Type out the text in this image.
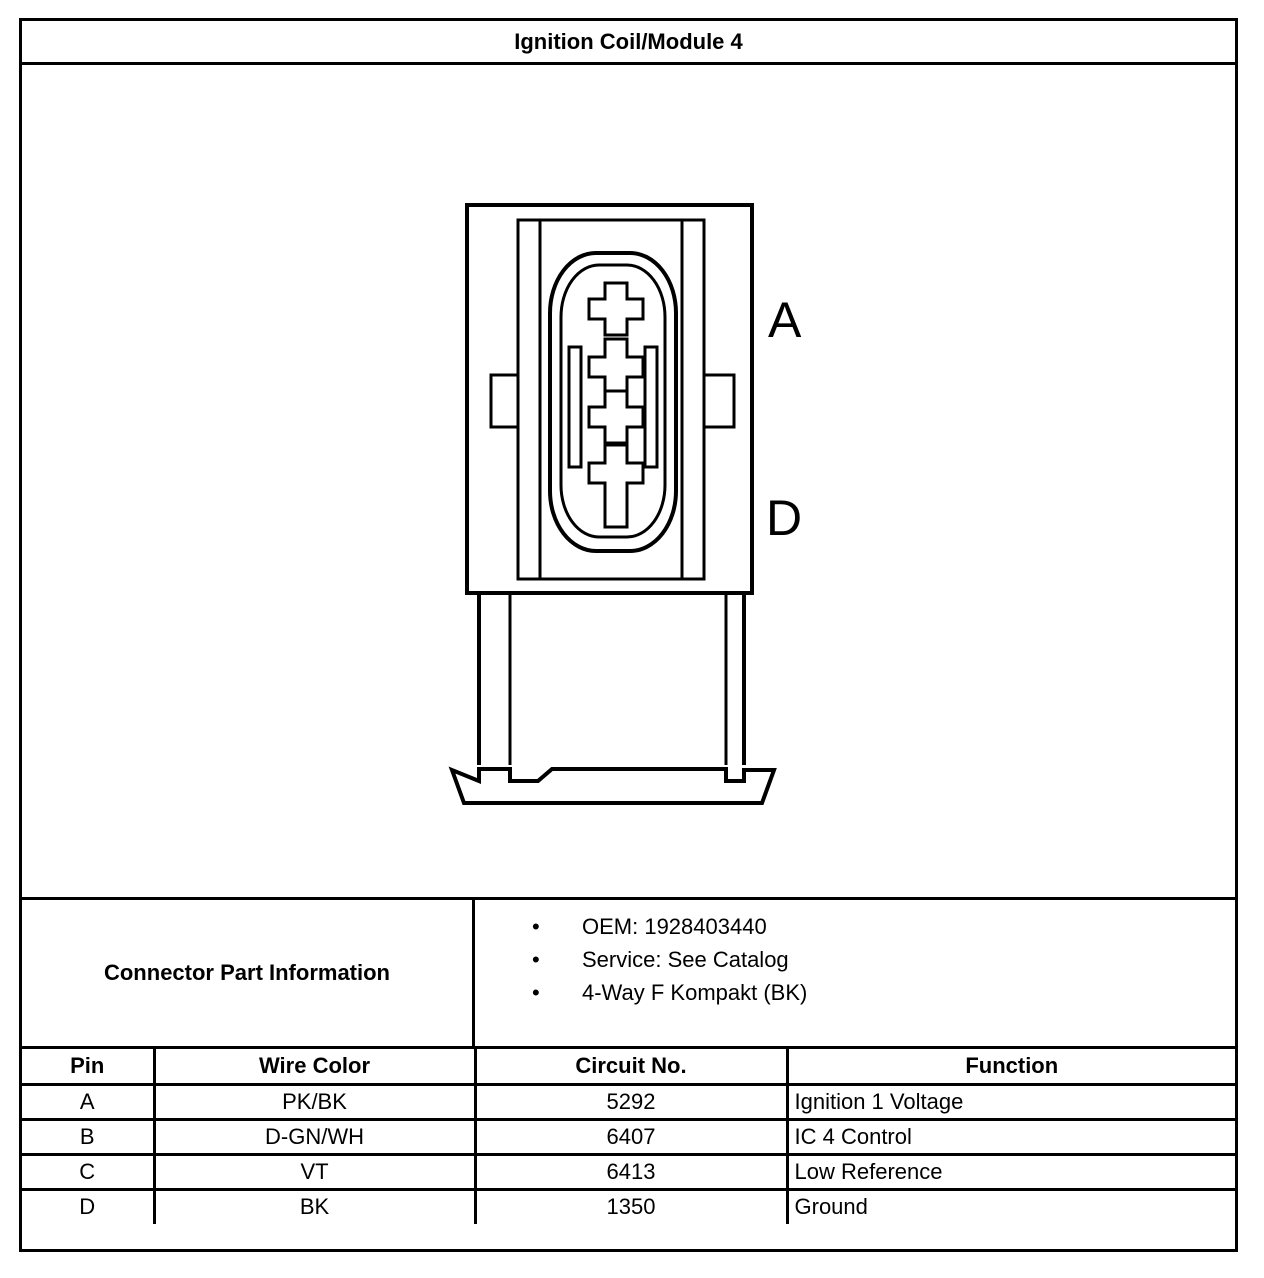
Ignition Coil/Module 4
A
D
Connector Part Information
• OEM: 1928403440
• Service: See Catalog
• 4-Way F Kompakt (BK)
Pin	Wire Color	Circuit No.	Function
A	PK/BK	5292	Ignition 1 Voltage
B	D-GN/WH	6407	IC 4 Control
C	VT	6413	Low Reference
D	BK	1350	Ground
